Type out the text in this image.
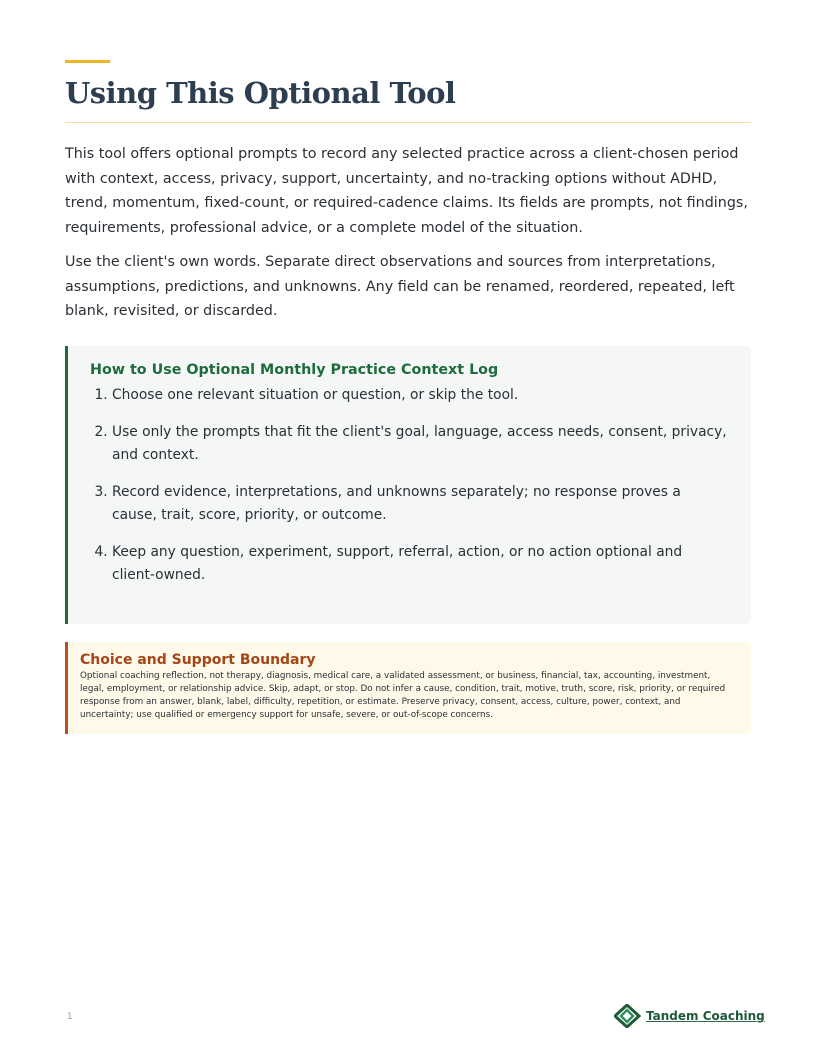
Using This Optional Tool

This tool offers optional prompts to record any selected practice across a client-chosen period with context, access, privacy, support, uncertainty, and no-tracking options without ADHD, trend, momentum, fixed-count, or required-cadence claims. Its fields are prompts, not findings, requirements, professional advice, or a complete model of the situation.

Use the client's own words. Separate direct observations and sources from interpretations, assumptions, predictions, and unknowns. Any field can be renamed, reordered, repeated, left blank, revisited, or discarded.

How to Use Optional Monthly Practice Context Log
1. Choose one relevant situation or question, or skip the tool.
2. Use only the prompts that fit the client's goal, language, access needs, consent, privacy, and context.
3. Record evidence, interpretations, and unknowns separately; no response proves a cause, trait, score, priority, or outcome.
4. Keep any question, experiment, support, referral, action, or no action optional and client-owned.
Choice and Support Boundary

Optional coaching reflection, not therapy, diagnosis, medical care, a validated assessment, or business, financial, tax, accounting, investment, legal, employment, or relationship advice. Skip, adapt, or stop. Do not infer a cause, condition, trait, motive, truth, score, risk, priority, or required response from an answer, blank, label, difficulty, repetition, or estimate. Preserve privacy, consent, access, culture, power, context, and uncertainty; use qualified or emergency support for unsafe, severe, or out-of-scope concerns.

1	Tandem Coaching
